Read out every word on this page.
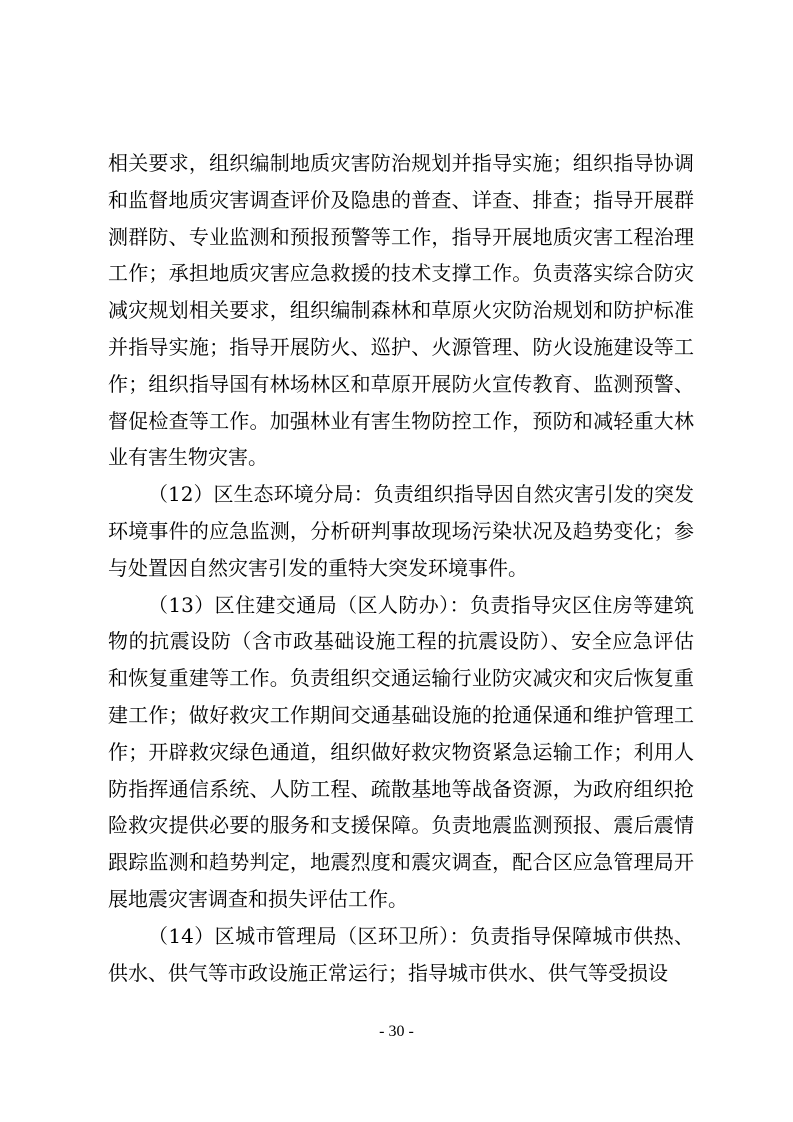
相关要求，组织编制地质灾害防治规划并指导实施；组织指导协调和监督地质灾害调查评价及隐患的普查、详查、排查；指导开展群测群防、专业监测和预报预警等工作，指导开展地质灾害工程治理工作；承担地质灾害应急救援的技术支撑工作。负责落实综合防灾减灾规划相关要求，组织编制森林和草原火灾防治规划和防护标准并指导实施；指导开展防火、巡护、火源管理、防火设施建设等工作；组织指导国有林场林区和草原开展防火宣传教育、监测预警、督促检查等工作。加强林业有害生物防控工作，预防和减轻重大林业有害生物灾害。

（12）区生态环境分局：负责组织指导因自然灾害引发的突发环境事件的应急监测，分析研判事故现场污染状况及趋势变化；参与处置因自然灾害引发的重特大突发环境事件。

（13）区住建交通局（区人防办）：负责指导灾区住房等建筑物的抗震设防（含市政基础设施工程的抗震设防）、安全应急评估和恢复重建等工作。负责组织交通运输行业防灾减灾和灾后恢复重建工作；做好救灾工作期间交通基础设施的抢通保通和维护管理工作；开辟救灾绿色通道，组织做好救灾物资紧急运输工作；利用人防指挥通信系统、人防工程、疏散基地等战备资源，为政府组织抢险救灾提供必要的服务和支援保障。负责地震监测预报、震后震情跟踪监测和趋势判定，地震烈度和震灾调查，配合区应急管理局开展地震灾害调查和损失评估工作。

（14）区城市管理局（区环卫所）：负责指导保障城市供热、供水、供气等市政设施正常运行；指导城市供水、供气等受损设

- 30 -
